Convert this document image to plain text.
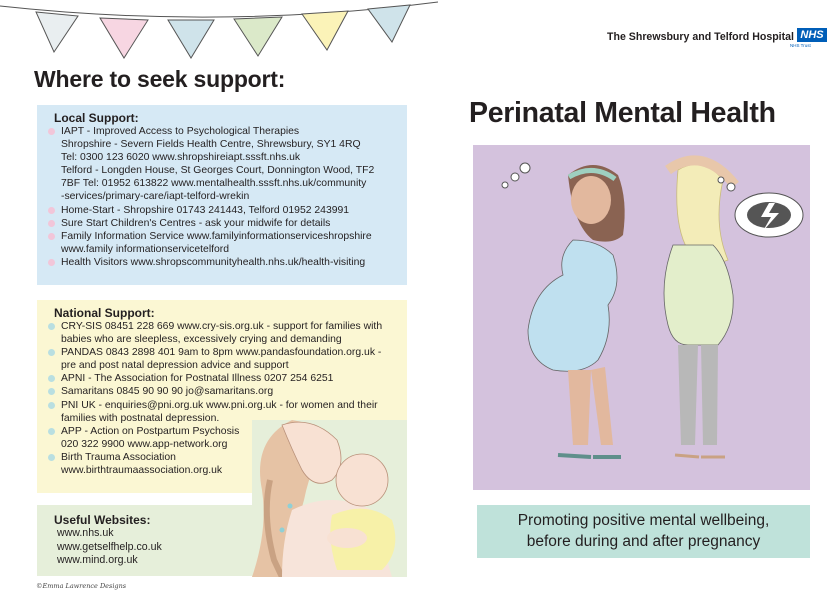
Where to seek support:
Local Support:
IAPT - Improved Access to Psychological Therapies
Shropshire - Severn Fields Health Centre, Shrewsbury, SY1 4RQ
Tel: 0300 123 6020 www.shropshireiapt.sssft.nhs.uk
Telford - Longden House, St Georges Court, Donnington Wood, TF2
7BF Tel: 01952 613822 www.mentalhealth.sssft.nhs.uk/community
-services/primary-care/iapt-telford-wrekin
Home-Start - Shropshire 01743 241443, Telford 01952 243991
Sure Start Children's Centres - ask your midwife for details
Family Information Service www.familyinformationserviceshropshire
www.family informationservicetelford
Health Visitors www.shropscommunityhealth.nhs.uk/health-visiting
National Support:
CRY-SIS 08451 228 669 www.cry-sis.org.uk - support for families with
babies who are sleepless, excessively crying and demanding
PANDAS 0843 2898 401 9am to 8pm www.pandasfoundation.org.uk -
pre and post natal depression advice and support
APNI - The Association for Postnatal Illness 0207 254 6251
Samaritans 0845 90 90 90 jo@samaritans.org
PNI UK - enquiries@pni.org.uk www.pni.org.uk - for women and their
families with postnatal depression.
APP - Action on Postpartum Psychosis
020 322 9900 www.app-network.org
Birth Trauma Association
www.birthtraumaassociation.org.uk
Useful Websites:
www.nhs.uk
www.getselfhelp.co.uk
www.mind.org.uk
©Emma Lawrence Designs
The Shrewsbury and Telford Hospital NHS
NHS Trust
Perinatal Mental Health
Promoting positive mental wellbeing,
before during and after pregnancy
